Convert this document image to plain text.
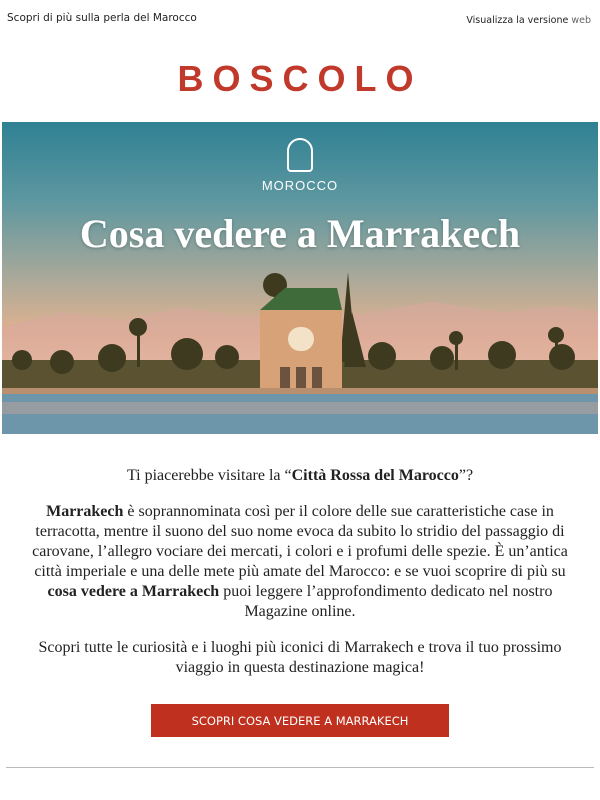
Scopri di più sulla perla del Marocco	Visualizza la versione web
BOSCOLO
MOROCCO
Cosa vedere a Marrakech

Ti piacerebbe visitare la “Città Rossa del Marocco”?

Marrakech è soprannominata così per il colore delle sue caratteristiche case in terracotta, mentre il suono del suo nome evoca da subito lo stridio del passaggio di carovane, l’allegro vociare dei mercati, i colori e i profumi delle spezie. È un’antica città imperiale e una delle mete più amate del Marocco: e se vuoi scoprire di più su cosa vedere a Marrakech puoi leggere l’approfondimento dedicato nel nostro Magazine online.

Scopri tutte le curiosità e i luoghi più iconici di Marrakech e trova il tuo prossimo viaggio in questa destinazione magica!

SCOPRI COSA VEDERE A MARRAKECH
